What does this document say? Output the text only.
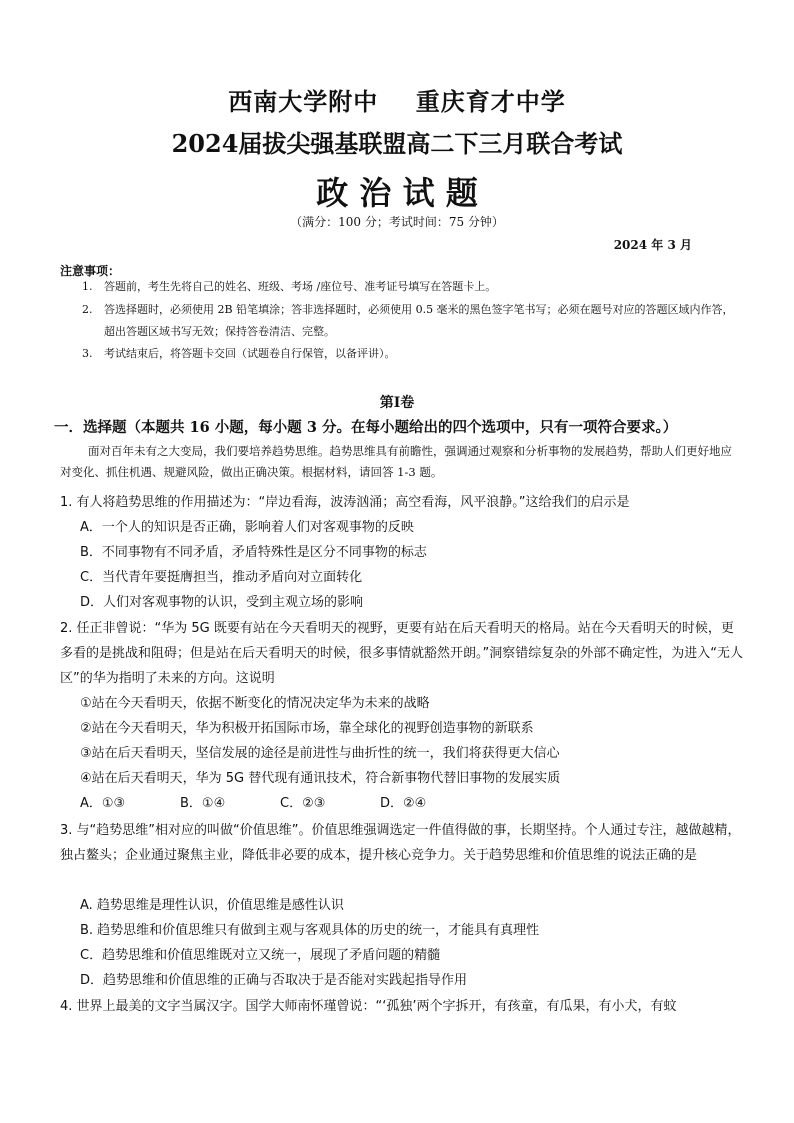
西南大学附中    重庆育才中学
2024届拔尖强基联盟高二下三月联合考试
政 治 试 题
（满分：100 分；考试时间：75 分钟）
2024 年 3 月
注意事项：
1. 答题前，考生先将自己的姓名、班级、考场 /座位号、准考证号填写在答题卡上。
2. 答选择题时，必须使用 2B 铅笔填涂；答非选择题时，必须使用 0.5 毫米的黑色签字笔书写；必须在题号对应的答题区域内作答，超出答题区域书写无效；保持答卷清洁、完整。
3. 考试结束后，将答题卡交回（试题卷自行保管，以备评讲）。
第Ⅰ卷
一．选择题（本题共 16 小题，每小题 3 分。在每小题给出的四个选项中，只有一项符合要求。）
面对百年未有之大变局，我们要培养趋势思维。趋势思维具有前瞻性，强调通过观察和分析事物的发展趋势，帮助人们更好地应对变化、抓住机遇、规避风险，做出正确决策。根据材料，请回答 1-3 题。
1. 有人将趋势思维的作用描述为：“岸边看海，波涛汹涌；高空看海，风平浪静。”这给我们的启示是
A．一个人的知识是否正确，影响着人们对客观事物的反映
B．不同事物有不同矛盾，矛盾特殊性是区分不同事物的标志
C．当代青年要挺膺担当，推动矛盾向对立面转化
D．人们对客观事物的认识，受到主观立场的影响
2. 任正非曾说：“华为 5G 既要有站在今天看明天的视野，更要有站在后天看明天的格局。站在今天看明天的时候，更多看的是挑战和阻碍；但是站在后天看明天的时候，很多事情就豁然开朗。”洞察错综复杂的外部不确定性，为进入“无人区”的华为指明了未来的方向。这说明
①站在今天看明天，依据不断变化的情况决定华为未来的战略
②站在今天看明天，华为积极开拓国际市场，靠全球化的视野创造事物的新联系
③站在后天看明天，坚信发展的途径是前进性与曲折性的统一，我们将获得更大信心
④站在后天看明天，华为 5G 替代现有通讯技术，符合新事物代替旧事物的发展实质
A．①③	B．①④	C．②③	D．②④
3. 与“趋势思维”相对应的叫做“价值思维”。价值思维强调选定一件值得做的事，长期坚持。个人通过专注，越做越精，独占鳌头；企业通过聚焦主业，降低非必要的成本，提升核心竞争力。关于趋势思维和价值思维的说法正确的是
A. 趋势思维是理性认识，价值思维是感性认识
B. 趋势思维和价值思维只有做到主观与客观具体的历史的统一，才能具有真理性
C．趋势思维和价值思维既对立又统一，展现了矛盾问题的精髓
D．趋势思维和价值思维的正确与否取决于是否能对实践起指导作用
4. 世界上最美的文字当属汉字。国学大师南怀瑾曾说：“‘孤独’两个字拆开，有孩童，有瓜果，有小犬，有蚊
